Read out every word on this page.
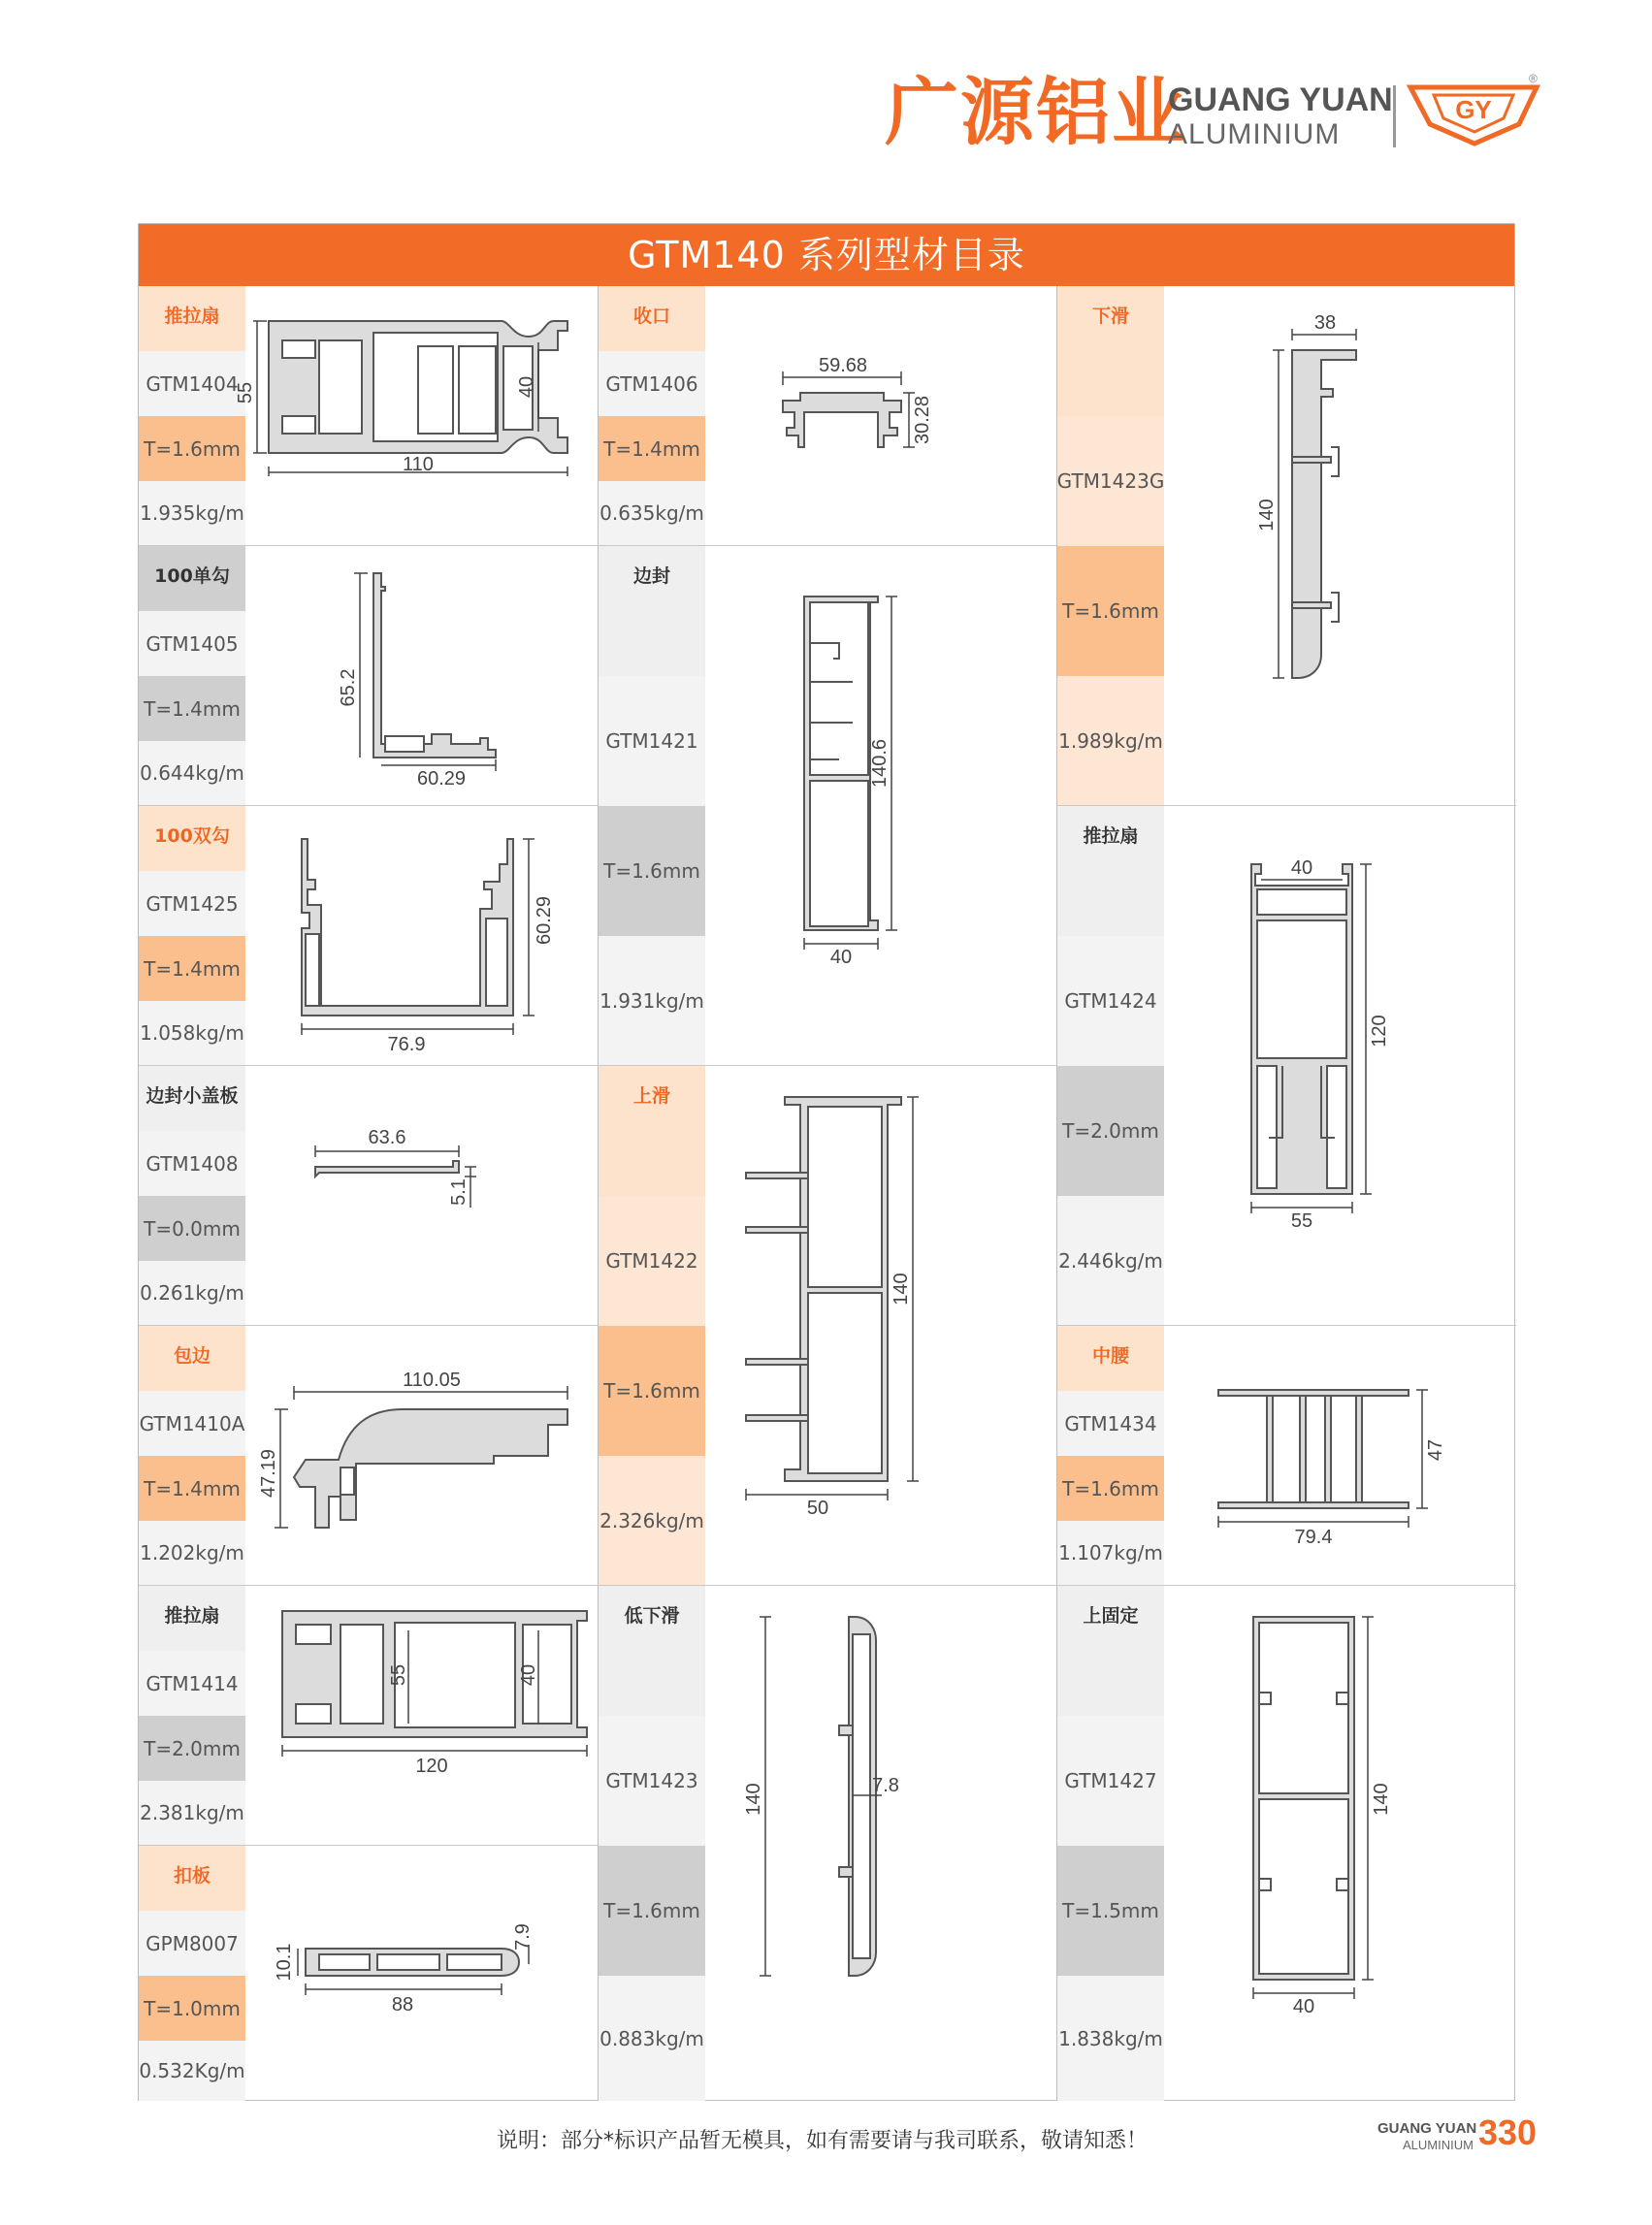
广源铝业
GUANG YUAN
ALUMINIUM
GY
®
GTM140 系列型材目录
推拉扇
GTM1404
T=1.6mm
1.935kg/m
55	40
110
100单勾
GTM1405
T=1.4mm
0.644kg/m
65.2
60.29
100双勾
GTM1425
T=1.4mm
1.058kg/m
60.29
76.9
边封小盖板
GTM1408
T=0.0mm
0.261kg/m
63.6
5.1
包边
GTM1410A
T=1.4mm
1.202kg/m
110.05
47.19
推拉扇
GTM1414
T=2.0mm
2.381kg/m
55	40
120
扣板
GPM8007
T=1.0mm
0.532Kg/m
10.1
7.9
88
收口
GTM1406
T=1.4mm
0.635kg/m
59.68
30.28
边封
GTM1421
T=1.6mm
1.931kg/m
140.6
40
上滑
GTM1422
T=1.6mm
2.326kg/m
140
50
低下滑
GTM1423
T=1.6mm
0.883kg/m
140	7.8
下滑
GTM1423G
T=1.6mm
1.989kg/m
38
140
推拉扇
GTM1424
T=2.0mm
2.446kg/m
40
120
55
中腰
GTM1434
T=1.6mm
1.107kg/m
47
79.4
上固定
GTM1427
T=1.5mm
1.838kg/m
140
40
说明：部分*标识产品暂无模具，如有需要请与我司联系，敬请知悉！
GUANG YUAN
ALUMINIUM 330
